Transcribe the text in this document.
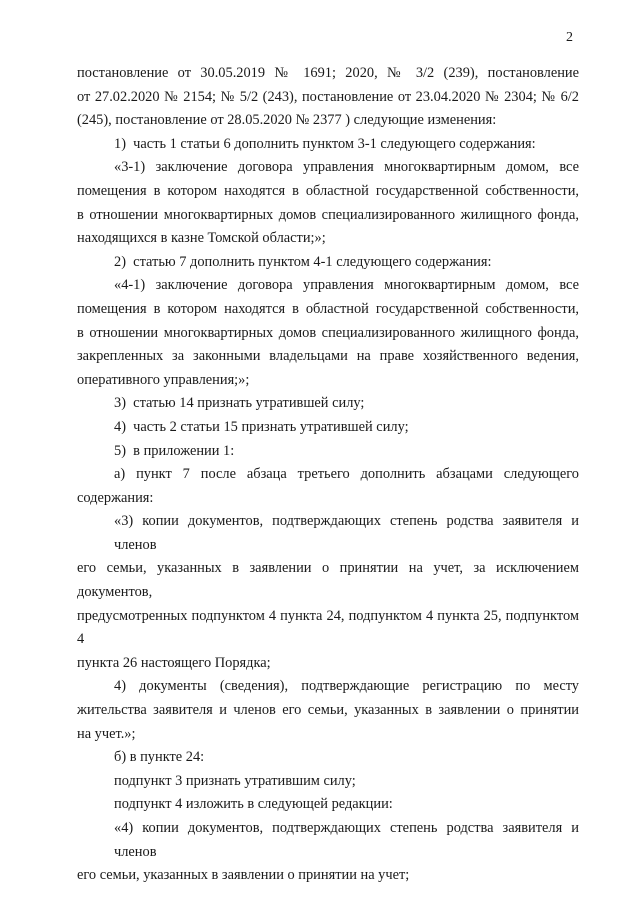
2

постановление от 30.05.2019 № 1691; 2020, № 3/2 (239), постановление
от 27.02.2020 № 2154; № 5/2 (243), постановление от 23.04.2020 № 2304; № 6/2
(245), постановление от 28.05.2020 № 2377 ) следующие изменения:

1)  часть 1 статьи 6 дополнить пунктом 3-1 следующего содержания:

«3-1) заключение договора управления многоквартирным домом, все
помещения в котором находятся в областной государственной собственности,
в отношении многоквартирных домов специализированного жилищного фонда,
находящихся в казне Томской области;»;

2)  статью 7 дополнить пунктом 4-1 следующего содержания:

«4-1) заключение договора управления многоквартирным домом, все
помещения в котором находятся в областной государственной собственности,
в отношении многоквартирных домов специализированного жилищного фонда,
закрепленных за законными владельцами на праве хозяйственного ведения,
оперативного управления;»;

3)  статью 14 признать утратившей силу;

4)  часть 2 статьи 15 признать утратившей силу;

5)  в приложении 1:

а) пункт 7 после абзаца третьего дополнить абзацами следующего
содержания:

«3) копии документов, подтверждающих степень родства заявителя и членов
его семьи, указанных в заявлении о принятии на учет, за исключением документов,
предусмотренных подпунктом 4 пункта 24, подпунктом 4 пункта 25, подпунктом 4
пункта 26 настоящего Порядка;

4) документы (сведения), подтверждающие регистрацию по месту
жительства заявителя и членов его семьи, указанных в заявлении о принятии
на учет.»;

б) в пункте 24:

подпункт 3 признать утратившим силу;

подпункт 4 изложить в следующей редакции:

«4) копии документов, подтверждающих степень родства заявителя и членов
его семьи, указанных в заявлении о принятии на учет;
